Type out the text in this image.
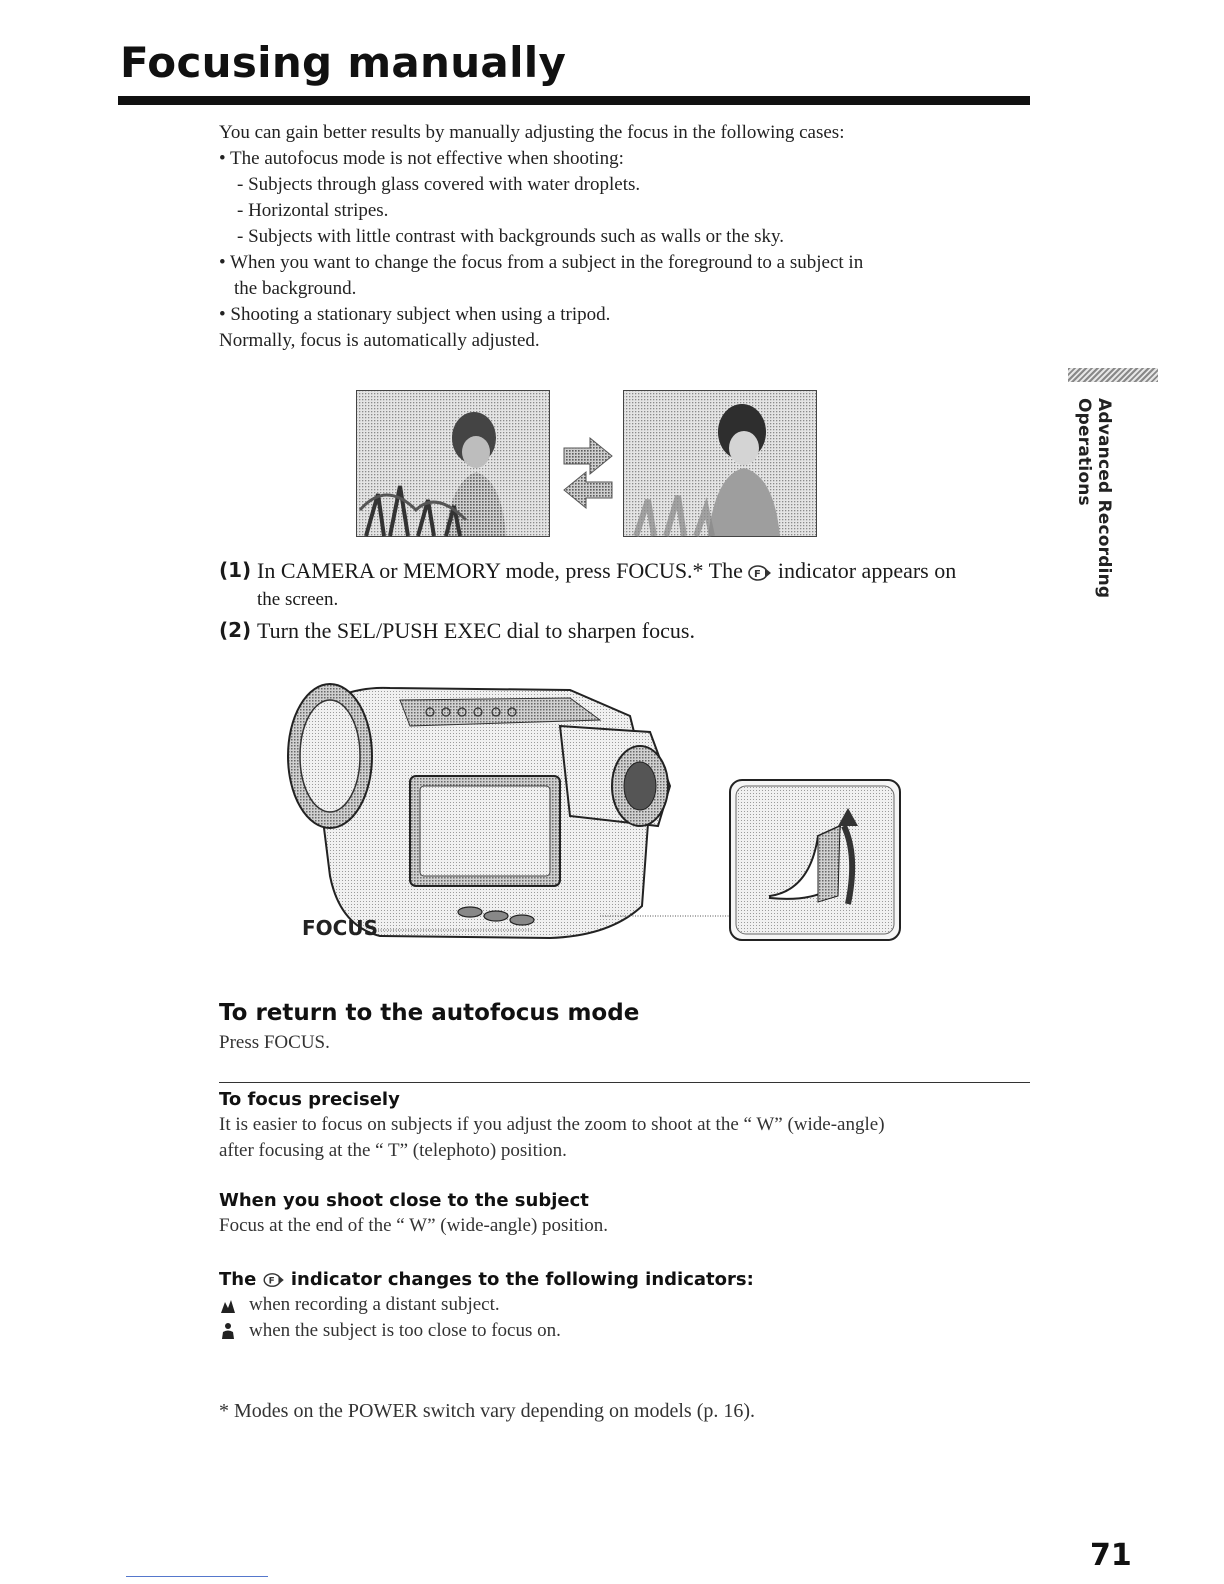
Focusing manually
You can gain better results by manually adjusting the focus in the following cases:
• The autofocus mode is not effective when shooting:
- Subjects through glass covered with water droplets.
- Horizontal stripes.
- Subjects with little contrast with backgrounds such as walls or the sky.
• When you want to change the focus from a subject in the foreground to a subject in
the background.
• Shooting a stationary subject when using a tripod.
Normally, focus is automatically adjusted.
Advanced Recording Operations
(1) In CAMERA or MEMORY mode, press FOCUS.* The F indicator appears on
the screen.
(2) Turn the SEL/PUSH EXEC dial to sharpen focus.
FOCUS
To return to the autofocus mode
Press FOCUS.
To focus precisely
It is easier to focus on subjects if you adjust the zoom to shoot at the “ W” (wide-angle)
after focusing at the “ T” (telephoto) position.
When you shoot close to the subject
Focus at the end of the “ W” (wide-angle) position.
The F indicator changes to the following indicators:
when recording a distant subject.
when the subject is too close to focus on.
* Modes on the POWER switch vary depending on models (p. 16).
71
